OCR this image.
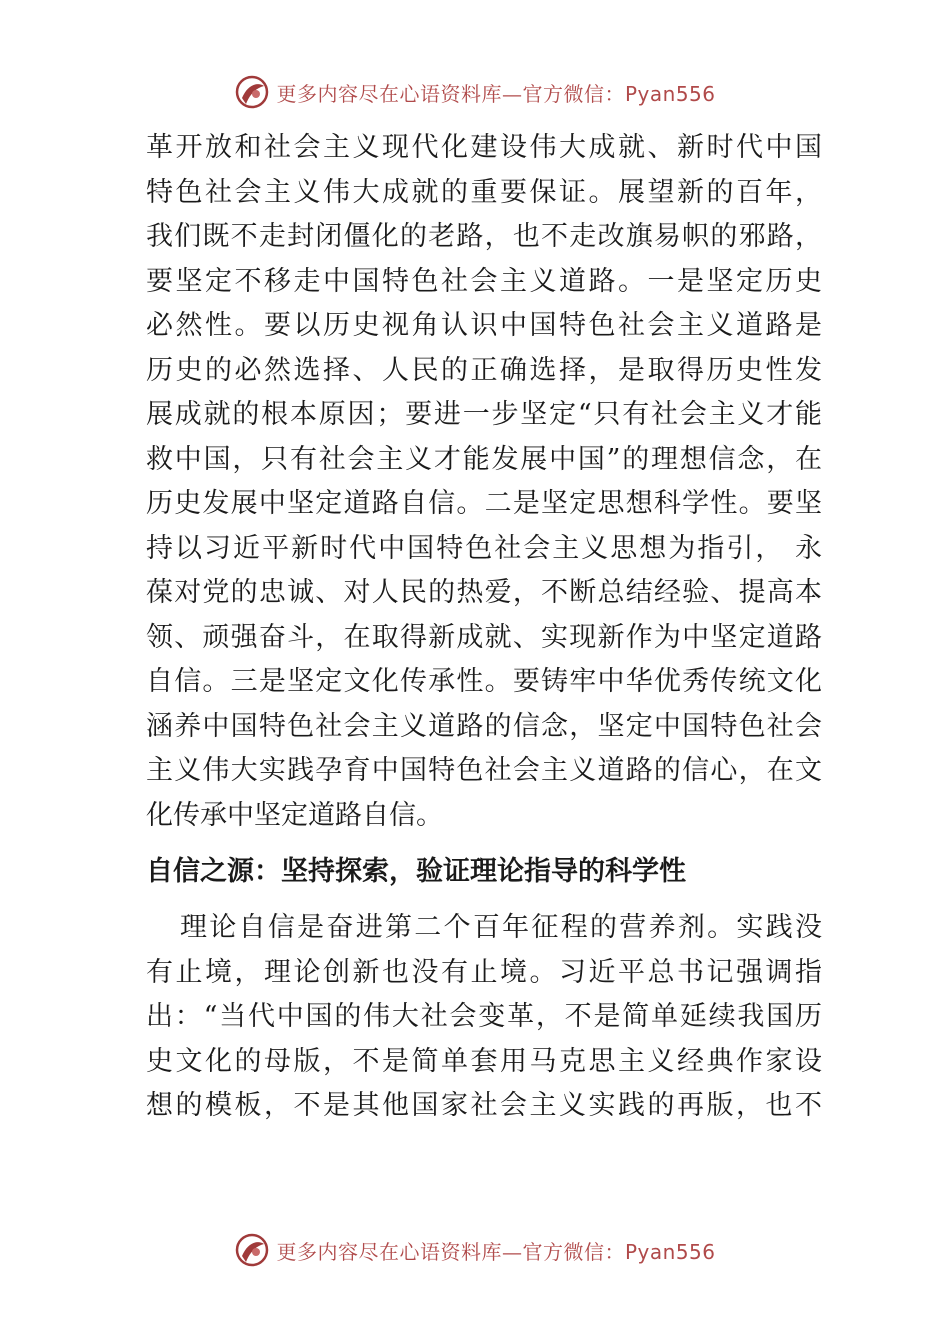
更多内容尽在心语资料库—官方微信：Pyan556
革开放和社会主义现代化建设伟大成就、新时代中国
特色社会主义伟大成就的重要保证。展望新的百年，
我们既不走封闭僵化的老路，也不走改旗易帜的邪路，
要坚定不移走中国特色社会主义道路。一是坚定历史
必然性。要以历史视角认识中国特色社会主义道路是
历史的必然选择、人民的正确选择，是取得历史性发
展成就的根本原因；要进一步坚定“只有社会主义才能
救中国，只有社会主义才能发展中国”的理想信念，在
历史发展中坚定道路自信。二是坚定思想科学性。要坚
持以习近平新时代中国特色社会主义思想为指引， 永
葆对党的忠诚、对人民的热爱，不断总结经验、提高本
领、顽强奋斗，在取得新成就、实现新作为中坚定道路
自信。三是坚定文化传承性。要铸牢中华优秀传统文化
涵养中国特色社会主义道路的信念，坚定中国特色社会
主义伟大实践孕育中国特色社会主义道路的信心，在文
化传承中坚定道路自信。
自信之源：坚持探索，验证理论指导的科学性
理论自信是奋进第二个百年征程的营养剂。实践没
有止境，理论创新也没有止境。习近平总书记强调指
出：“当代中国的伟大社会变革，不是简单延续我国历
史文化的母版，不是简单套用马克思主义经典作家设
想的模板，不是其他国家社会主义实践的再版，也不
更多内容尽在心语资料库—官方微信：Pyan556
